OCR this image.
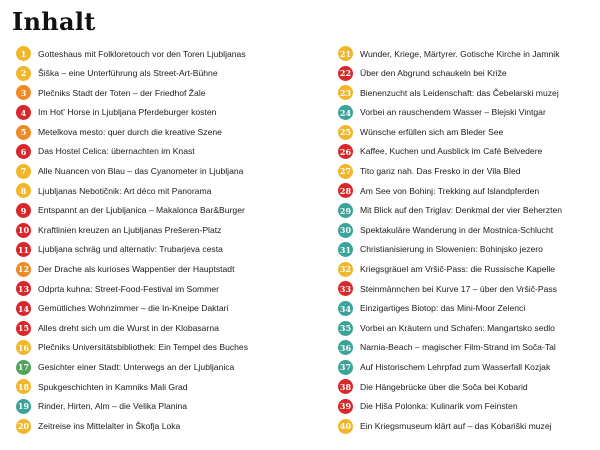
Inhalt
1	Gotteshaus mit Folkloretouch vor den Toren Ljubljanas
2	Šiška – eine Unterführung als Street-Art-Bühne
3	Plečniks Stadt der Toten – der Friedhof Žale
4	Im Hot' Horse in Ljubljana Pferdeburger kosten
5	Metelkova mesto: quer durch die kreative Szene
6	Das Hostel Celica: übernachten im Knast
7	Alle Nuancen von Blau – das Cyanometer in Ljubljana
8	Ljubljanas Nebotičnik: Art déco mit Panorama
9	Entspannt an der Ljubljanica – Makalonca Bar&Burger
10 Kraftlinien kreuzen an Ljubljanas Prešeren-Platz
11 Ljubljana schräg und alternativ: Trubarjeva cesta
12 Der Drache als kurioses Wappentier der Hauptstadt
13 Odprta kuhna: Street-Food-Festival im Sommer
14 Gemütliches Wohnzimmer – die In-Kneipe Daktari
15 Alles dreht sich um die Wurst in der Klobasarna
16 Plečniks Universitätsbibliothek: Ein Tempel des Buches
17 Gesichter einer Stadt: Unterwegs an der Ljubljanica
18 Spukgeschichten in Kamniks Mali Grad
19 Rinder, Hirten, Alm – die Velika Planina
20 Zeitreise ins Mittelalter in Škofja Loka
21 Wunder, Kriege, Märtyrer. Gotische Kirche in Jamnik
22 Über den Abgrund schaukeln bei Križe
23 Bienenzucht als Leidenschaft: das Čebelarski muzej
24 Vorbei an rauschendem Wasser – Blejski Vintgar
25 Wünsche erfüllen sich am Bleder See
26 Kaffee, Kuchen und Ausblick im Café Belvedere
27 Tito ganz nah. Das Fresko in der Vila Bled
28 Am See von Bohinj: Trekking auf Islandpferden
29 Mit Blick auf den Triglav: Denkmal der vier Beherzten
30 Spektakuläre Wanderung in der Mostnica-Schlucht
31 Christianisierung in Slowenien: Bohinjsko jezero
32 Kriegsgräuel am Vršič-Pass: die Russische Kapelle
33 Steinmännchen bei Kurve 17 – über den Vršič-Pass
34 Einzigartiges Biotop: das Mini-Moor Zelenci
35 Vorbei an Kräutern und Schafen: Mangartsko sedlo
36 Narnia-Beach – magischer Film-Strand im Soča-Tal
37 Auf Historischem Lehrpfad zum Wasserfall Kozjak
38 Die Hängebrücke über die Soča bei Kobarid
39 Die Hiša Polonka: Kulinarik vom Feinsten
40 Ein Kriegsmuseum klärt auf – das Kobariški muzej
